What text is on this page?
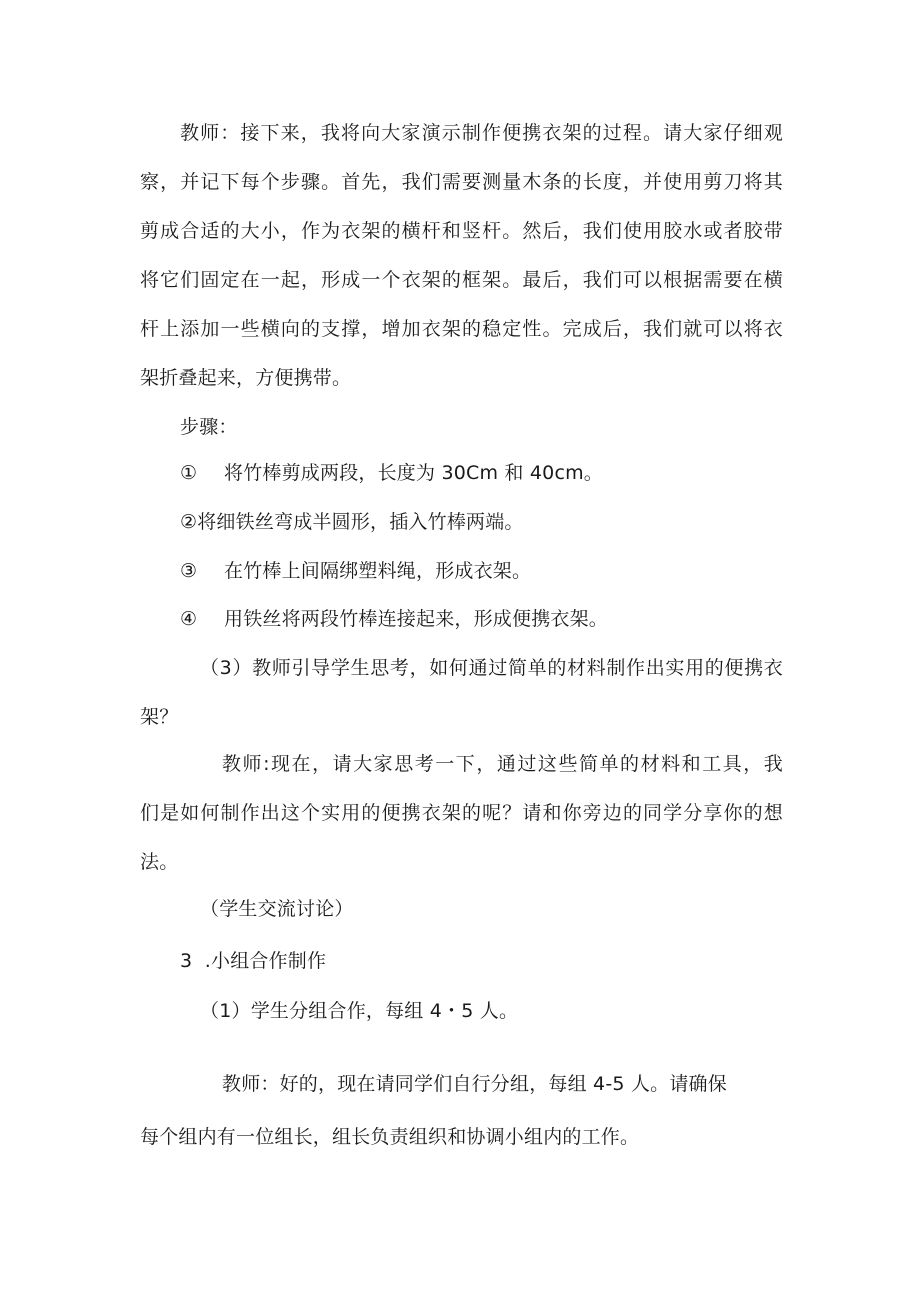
教师：接下来，我将向大家演示制作便携衣架的过程。请大家仔细观
察，并记下每个步骤。首先，我们需要测量木条的长度，并使用剪刀将其
剪成合适的大小，作为衣架的横杆和竖杆。然后，我们使用胶水或者胶带
将它们固定在一起，形成一个衣架的框架。最后，我们可以根据需要在横
杆上添加一些横向的支撑，增加衣架的稳定性。完成后，我们就可以将衣
架折叠起来，方便携带。
步骤：
① 将竹棒剪成两段，长度为 30Cm 和 40cm。
②将细铁丝弯成半圆形，插入竹棒两端。
③ 在竹棒上间隔绑塑料绳，形成衣架。
④ 用铁丝将两段竹棒连接起来，形成便携衣架。
（3）教师引导学生思考，如何通过简单的材料制作出实用的便携衣
架？
教师:现在，请大家思考一下，通过这些简单的材料和工具，我
们是如何制作出这个实用的便携衣架的呢？请和你旁边的同学分享你的想
法。
（学生交流讨论）
3  .小组合作制作
（1）学生分组合作，每组 4・5 人。
教师：好的，现在请同学们自行分组，每组 4-5 人。请确保
每个组内有一位组长，组长负责组织和协调小组内的工作。
